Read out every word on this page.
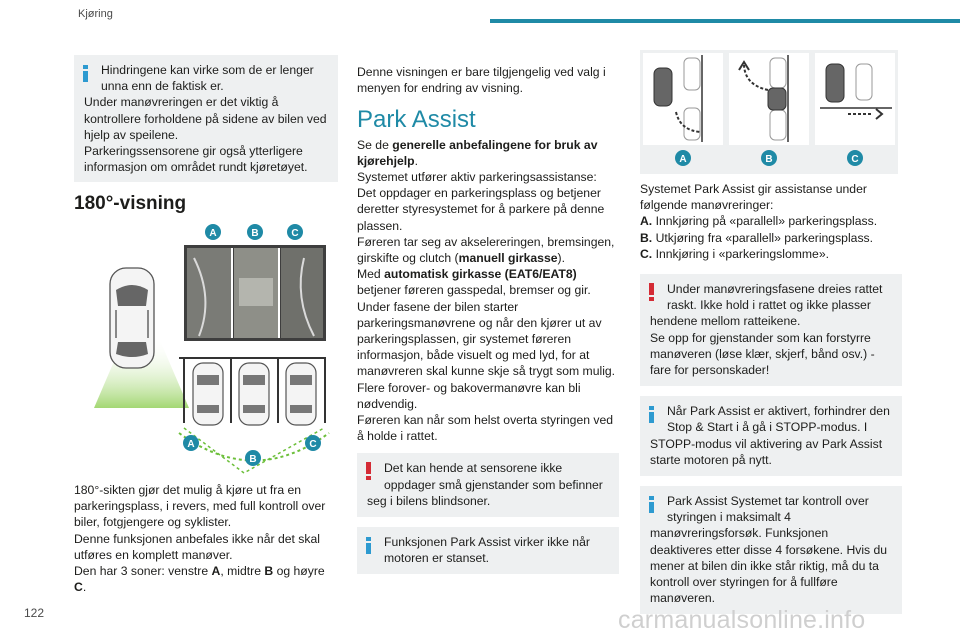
Kjøring

Hindringene kan virke som de er lenger

unna enn de faktisk er.

Under manøvreringen er det viktig å kontrollere forholdene på sidene av bilen ved hjelp av speilene.

Parkeringssensorene gir også ytterligere informasjon om området rundt kjøretøyet.

180°-visning
A	B	C
A
B
C

180°-sikten gjør det mulig å kjøre ut fra en parkeringsplass, i revers, med full kontroll over biler, fotgjengere og syklister.

Denne funksjonen anbefales ikke når det skal utføres en komplett manøver.

Den har 3 soner: venstre A, midtre B og høyre
C.

Denne visningen er bare tilgjengelig ved valg i menyen for endring av visning.

Park Assist

Se de generelle anbefalingene for bruk av kjørehjelp.

Systemet utfører aktiv parkeringsassistanse: Det oppdager en parkeringsplass og betjener deretter styresystemet for å parkere på denne plassen.

Føreren tar seg av akselereringen, bremsingen, girskifte og clutch (manuell girkasse).

Med automatisk girkasse (EAT6/EAT8) betjener føreren gasspedal, bremser og gir.

Under fasene der bilen starter parkeringsmanøvrene og når den kjører ut av parkeringsplassen, gir systemet føreren informasjon, både visuelt og med lyd, for at manøvreren skal kunne skje så trygt som mulig.

Flere forover- og bakovermanøvre kan bli nødvendig.

Føreren kan når som helst overta styringen ved å holde i rattet.

Det kan hende at sensorene ikke

oppdager små gjenstander som befinner

seg i bilens blindsoner.

Funksjonen Park Assist virker ikke når

motoren er stanset.

A	B	C

Systemet Park Assist gir assistanse under følgende manøvreringer:

A. Innkjøring på «parallell» parkeringsplass.

B. Utkjøring fra «parallell» parkeringsplass.

C. Innkjøring i «parkeringslomme».

Under manøvreringsfasene dreies rattet

raskt. Ikke hold i rattet og ikke plasser

hendene mellom ratteikene.

Se opp for gjenstander som kan forstyrre manøveren (løse klær, skjerf, bånd osv.) - fare for personskader!

Når Park Assist er aktivert, forhindrer den

Stop & Start i å gå i STOPP-modus. I

STOPP-modus vil aktivering av Park Assist starte motoren på nytt.

Park Assist Systemet tar kontroll over

styringen i maksimalt 4

manøvreringsforsøk. Funksjonen deaktiveres etter disse 4 forsøkene. Hvis du mener at bilen din ikke står riktig, må du ta kontroll over styringen for å fullføre manøveren.

122	carmanualsonline.info
